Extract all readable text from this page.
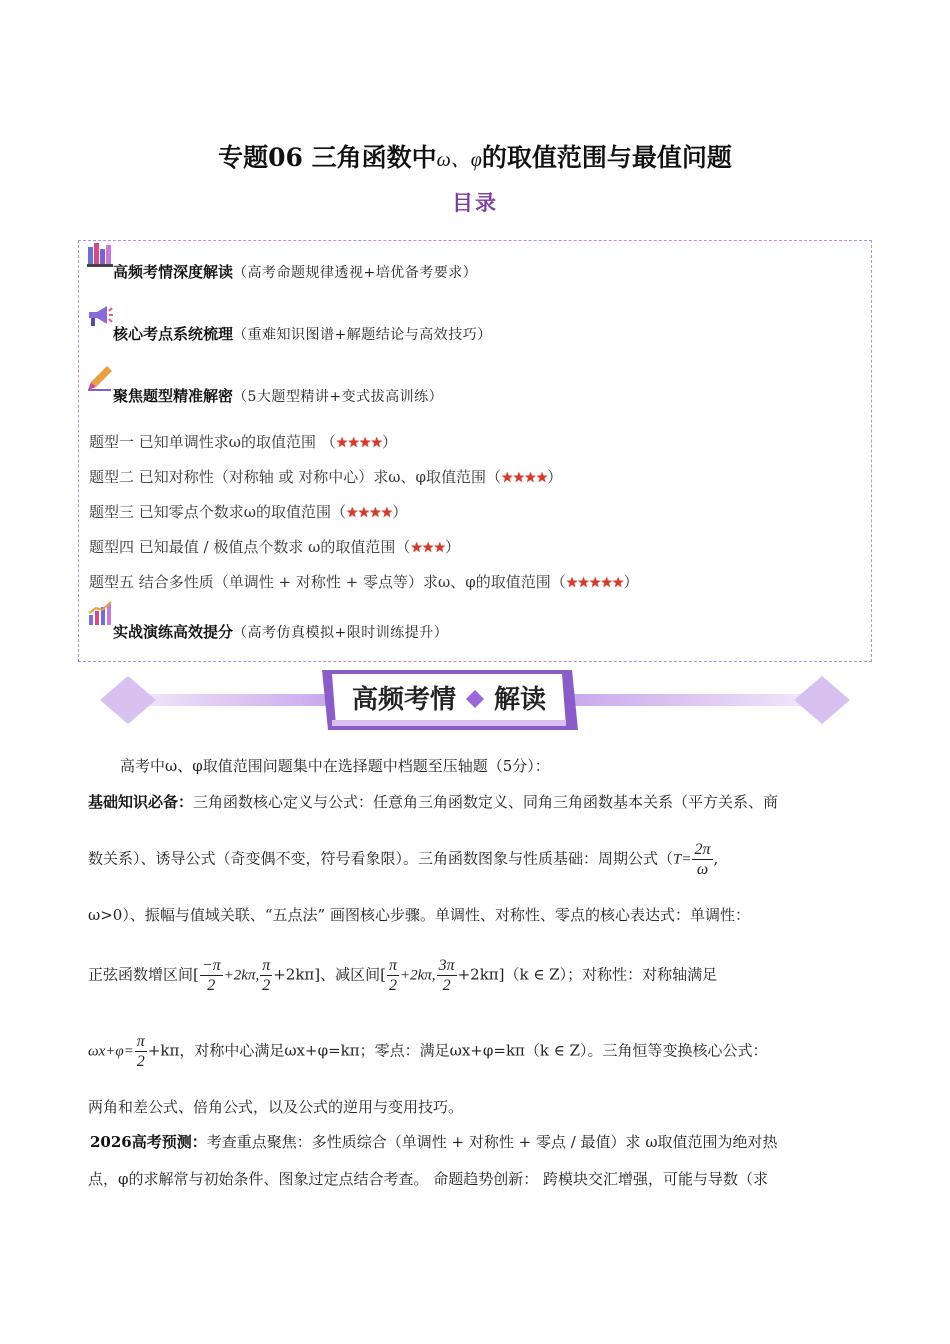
专题06 三角函数中ω、φ的取值范围与最值问题
目录
高频考情深度解读（高考命题规律透视+培优备考要求）
核心考点系统梳理（重难知识图谱+解题结论与高效技巧）
聚焦题型精准解密（5大题型精讲+变式拔高训练）
题型一 已知单调性求ω的取值范围 （★★★★）
题型二 已知对称性（对称轴 或 对称中心）求ω、φ取值范围（★★★★）
题型三 已知零点个数求ω的取值范围（★★★★）
题型四 已知最值 / 极值点个数求 ω的取值范围（★★★）
题型五 结合多性质（单调性 + 对称性 + 零点等）求ω、φ的取值范围（★★★★★）
实战演练高效提分（高考仿真模拟+限时训练提升）
高频考情 解读
高考中ω、φ取值范围问题集中在选择题中档题至压轴题（5分）：
基础知识必备：三角函数核心定义与公式：任意角三角函数定义、同角三角函数基本关系（平方关系、商
数关系）、诱导公式（奇变偶不变，符号看象限）。三角函数图象与性质基础：周期公式（$T= \frac{2\pi}{\omega}$ ,
ω>0）、振幅与值域关联、“五点法” 画图核心步骤。单调性、对称性、零点的核心表达式：单调性：
正弦函数增区间[ $\frac{-\pi}{2} +2k\pi$, $\frac{\pi}{2} +2k\pi$]、减区间[ $\frac{\pi}{2} +2k\pi$, $\frac{3\pi}{2} +2k\pi](k$ ∈ Z）；对称性：对称轴满足
$\omega x+\varphi= \frac{\pi}{2} +k\pi$，对称中心满足ωx+φ=kπ；零点：满足ωx+φ=kπ（k ∈ Z）。三角恒等变换核心公式：
两角和差公式、倍角公式，以及公式的逆用与变用技巧。
2026高考预测：考查重点聚焦：多性质综合（单调性 + 对称性 + 零点 / 最值）求 ω取值范围为绝对热
点，φ的求解常与初始条件、图象过定点结合考查。 命题趋势创新： 跨模块交汇增强，可能与导数（求
